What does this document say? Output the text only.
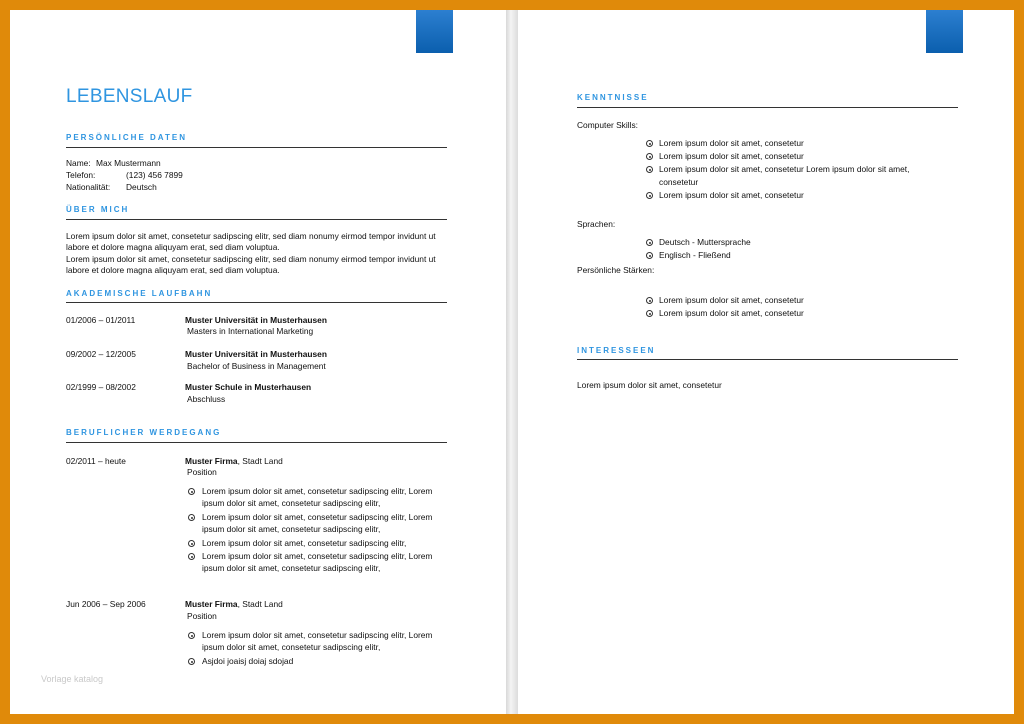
LEBENSLAUF
PERSÖNLICHE DATEN
Name: Max Mustermann
Telefon:	(123) 456 7899
Nationalität: Deutsch
ÜBER MICH
Lorem ipsum dolor sit amet, consetetur sadipscing elitr, sed diam nonumy eirmod tempor invidunt ut
labore et dolore magna aliquyam erat, sed diam voluptua.
Lorem ipsum dolor sit amet, consetetur sadipscing elitr, sed diam nonumy eirmod tempor invidunt ut
labore et dolore magna aliquyam erat, sed diam voluptua.
AKADEMISCHE LAUFBAHN
01/2006 – 01/2011	Muster Universität in Musterhausen
Masters in International Marketing
09/2002 – 12/2005	Muster Universität in Musterhausen
Bachelor of Business in Management
02/1999 – 08/2002	Muster Schule in Musterhausen
Abschluss
BERUFLICHER WERDEGANG
02/2011 – heute	Muster Firma, Stadt Land
Position
Lorem ipsum dolor sit amet, consetetur sadipscing elitr, Lorem
ipsum dolor sit amet, consetetur sadipscing elitr,
Lorem ipsum dolor sit amet, consetetur sadipscing elitr, Lorem
ipsum dolor sit amet, consetetur sadipscing elitr,
Lorem ipsum dolor sit amet, consetetur sadipscing elitr,
Lorem ipsum dolor sit amet, consetetur sadipscing elitr, Lorem
ipsum dolor sit amet, consetetur sadipscing elitr,
Jun 2006 – Sep 2006	Muster Firma, Stadt Land
Position
Lorem ipsum dolor sit amet, consetetur sadipscing elitr, Lorem
ipsum dolor sit amet, consetetur sadipscing elitr,
Asjdoi joaisj doiaj sdojad
Vorlage katalog
KENNTNISSE
Computer Skills:
Lorem ipsum dolor sit amet, consetetur
Lorem ipsum dolor sit amet, consetetur
Lorem ipsum dolor sit amet, consetetur Lorem ipsum dolor sit amet,
consetetur
Lorem ipsum dolor sit amet, consetetur
Sprachen:
Deutsch - Muttersprache
Englisch - Fließend
Persönliche Stärken:
Lorem ipsum dolor sit amet, consetetur
Lorem ipsum dolor sit amet, consetetur
INTERESSEEN
Lorem ipsum dolor sit amet, consetetur
